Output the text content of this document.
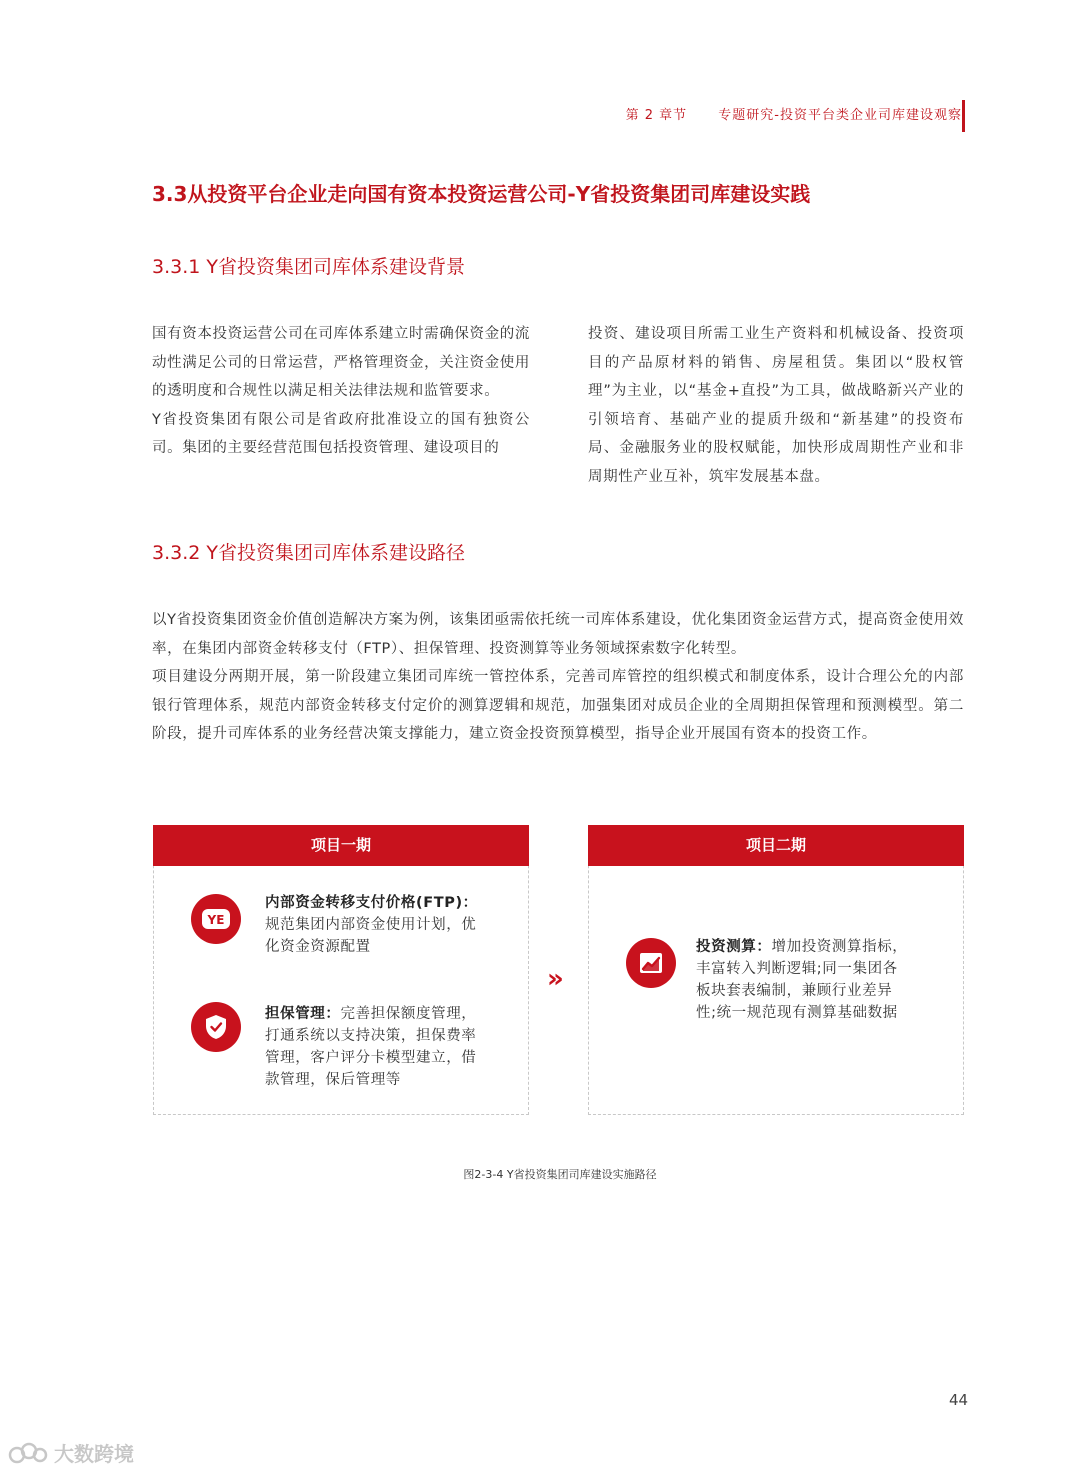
第 2 章节 专题研究-投资平台类企业司库建设观察
3.3从投资平台企业走向国有资本投资运营公司-Y省投资集团司库建设实践
3.3.1 Y省投资集团司库体系建设背景

国有资本投资运营公司在司库体系建立时需确保资金的流动性满足公司的日常运营，严格管理资金，关注资金使用的透明度和合规性以满足相关法律法规和监管要求。

Y省投资集团有限公司是省政府批准设立的国有独资公司。集团的主要经营范围包括投资管理、建设项目的

投资、建设项目所需工业生产资料和机械设备、投资项目的产品原材料的销售、房屋租赁。集团以“股权管理”为主业，以“基金+直投”为工具，做战略新兴产业的引领培育、基础产业的提质升级和“新基建”的投资布局、金融服务业的股权赋能，加快形成周期性产业和非周期性产业互补，筑牢发展基本盘。

3.3.2 Y省投资集团司库体系建设路径

以Y省投资集团资金价值创造解决方案为例，该集团亟需依托统一司库体系建设，优化集团资金运营方式，提高资金使用效率，在集团内部资金转移支付（FTP）、担保管理、投资测算等业务领域探索数字化转型。

项目建设分两期开展，第一阶段建立集团司库统一管控体系，完善司库管控的组织模式和制度体系，设计合理公允的内部银行管理体系，规范内部资金转移支付定价的测算逻辑和规范，加强集团对成员企业的全周期担保管理和预测模型。第二阶段，提升司库体系的业务经营决策支撑能力，建立资金投资预算模型，指导企业开展国有资本的投资工作。

项目一期
YE
内部资金转移支付价格(FTP)：
规范集团内部资金使用计划，优
化资金资源配置
担保管理：完善担保额度管理，
打通系统以支持决策，担保费率
管理，客户评分卡模型建立，借
款管理，保后管理等
»
项目二期
投资测算：增加投资测算指标，
丰富转入判断逻辑;同一集团各
板块套表编制，兼顾行业差异
性;统一规范现有测算基础数据
图2-3-4 Y省投资集团司库建设实施路径
44
大数跨境
